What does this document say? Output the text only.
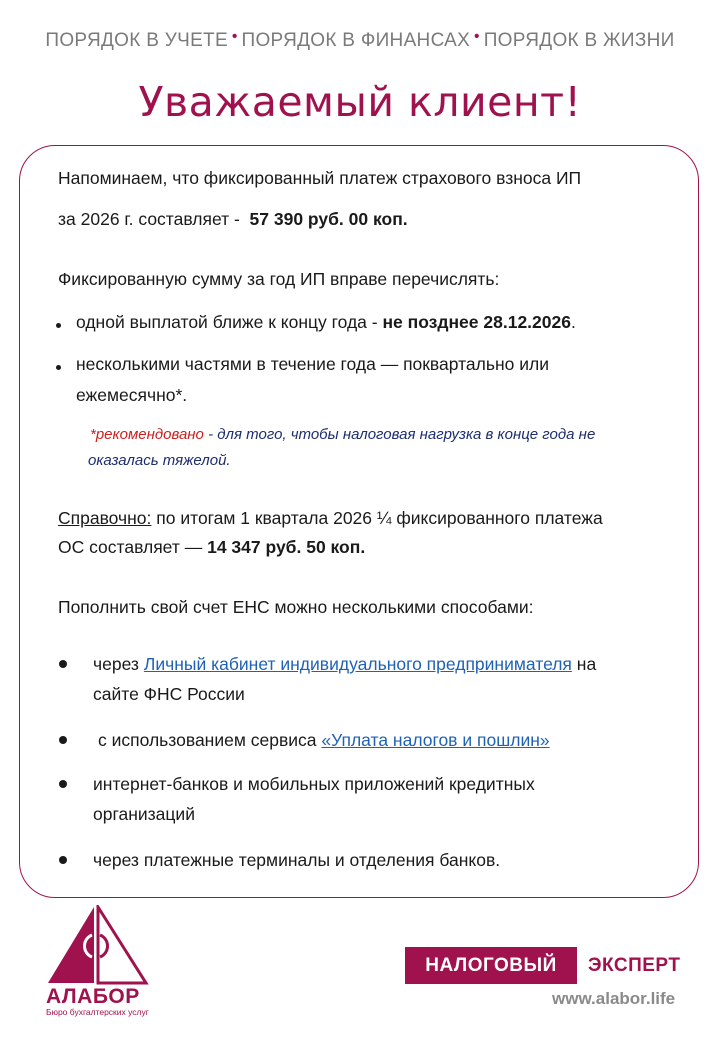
ПОРЯДОК В УЧЕТЕ • ПОРЯДОК В ФИНАНСАХ • ПОРЯДОК В ЖИЗНИ
Уважаемый клиент!
Напоминаем, что фиксированный платеж страхового взноса ИП
за 2026 г. составляет - 57 390 руб. 00 коп.
Фиксированную сумму за год ИП вправе перечислять:
одной выплатой ближе к концу года - не позднее 28.12.2026.
несколькими частями в течение года — поквартально или
ежемесячно*.
*рекомендовано - для того, чтобы налоговая нагрузка в конце года не
оказалась тяжелой.
Справочно: по итогам 1 квартала 2026 ¼ фиксированного платежа
ОС составляет — 14 347 руб. 50 коп.
Пополнить свой счет ЕНС можно несколькими способами:
через Личный кабинет индивидуального предпринимателя на
сайте ФНС России
с использованием сервиса «Уплата налогов и пошлин»
интернет-банков и мобильных приложений кредитных
организаций
через платежные терминалы и отделения банков.
АЛАБОР
Бюро бухгалтерских услуг
НАЛОГОВЫЙ	ЭКСПЕРТ
www.alabor.life
